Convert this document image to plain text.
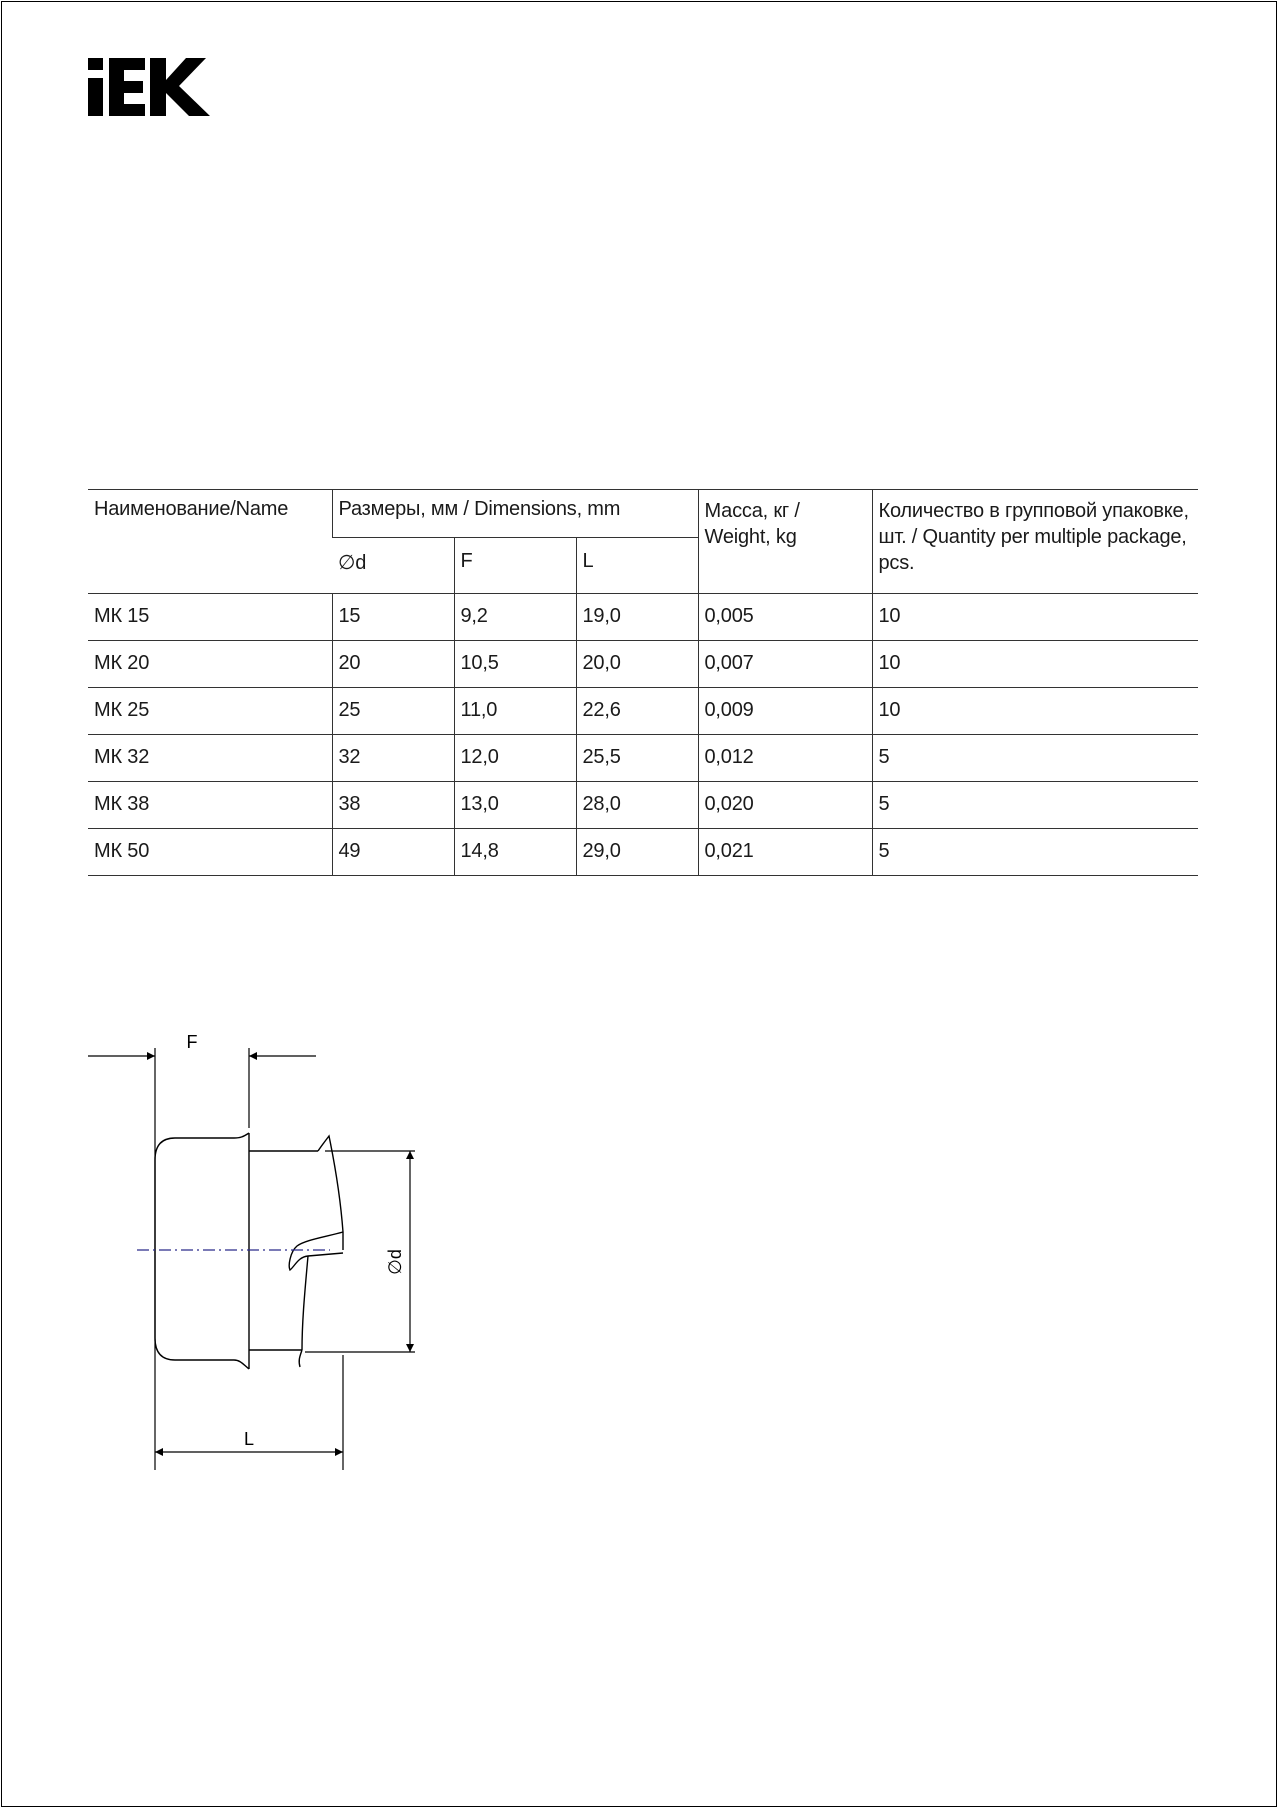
Наименование/Name	Размеры, мм / Dimensions, mm			Масса, кг / Weight, kg	Количество в групповой упаковке, шт. / Quantity per multiple package, pcs.
	∅d	F	L		
МК 15	15	9,2	19,0	0,005	10
МК 20	20	10,5	20,0	0,007	10
МК 25	25	11,0	22,6	0,009	10
МК 32	32	12,0	25,5	0,012	5
МК 38	38	13,0	28,0	0,020	5
МК 50	49	14,8	29,0	0,021	5
F
L
∅d
